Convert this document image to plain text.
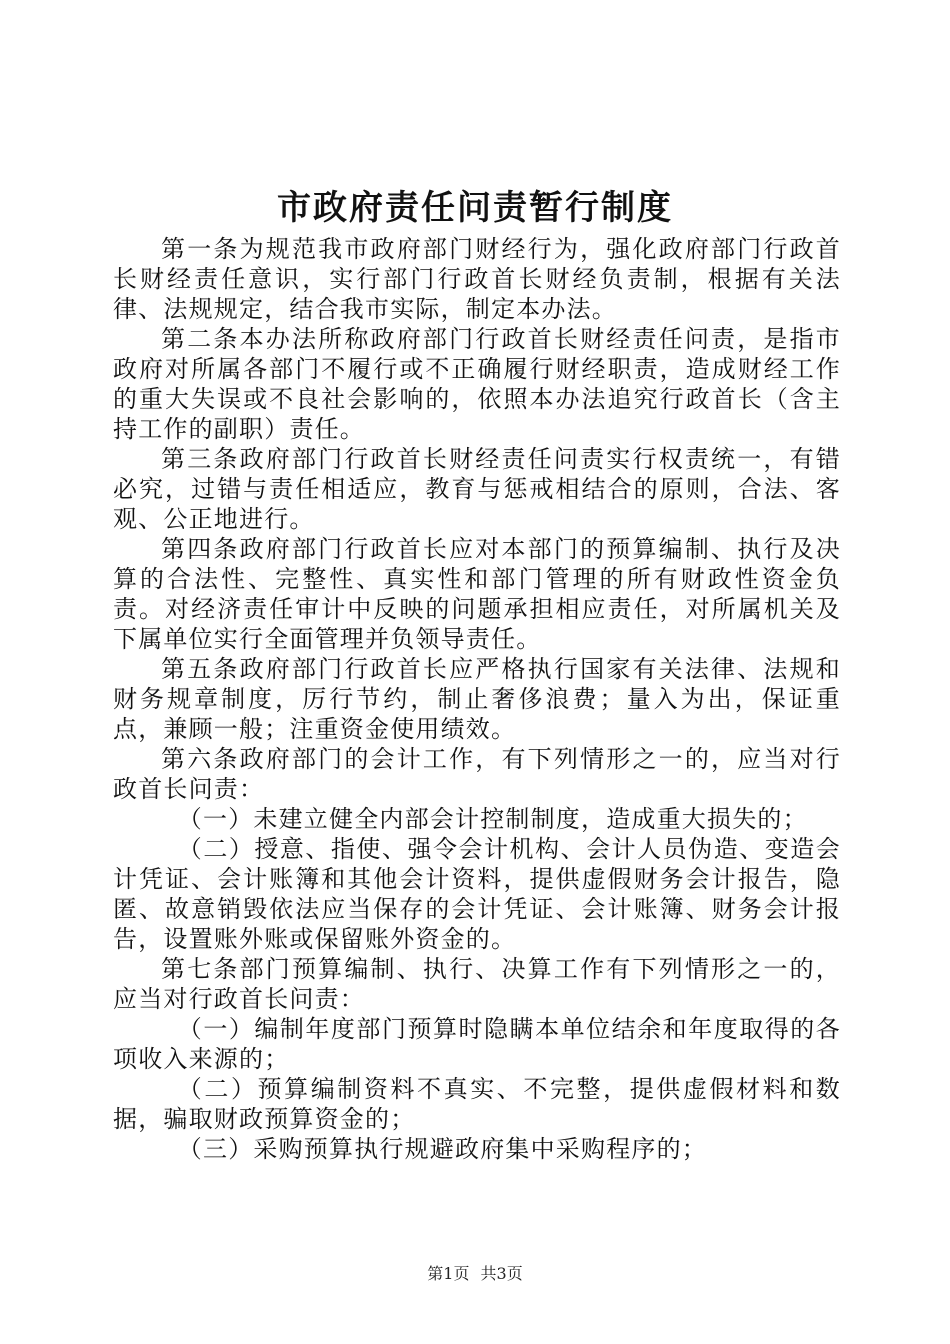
市政府责任问责暂行制度

第一条为规范我市政府部门财经行为，强化政府部门行政首长财经责任意识，实行部门行政首长财经负责制，根据有关法律、法规规定，结合我市实际，制定本办法。

第二条本办法所称政府部门行政首长财经责任问责，是指市政府对所属各部门不履行或不正确履行财经职责，造成财经工作的重大失误或不良社会影响的，依照本办法追究行政首长（含主持工作的副职）责任。

第三条政府部门行政首长财经责任问责实行权责统一，有错必究，过错与责任相适应，教育与惩戒相结合的原则，合法、客观、公正地进行。

第四条政府部门行政首长应对本部门的预算编制、执行及决算的合法性、完整性、真实性和部门管理的所有财政性资金负责。对经济责任审计中反映的问题承担相应责任，对所属机关及下属单位实行全面管理并负领导责任。

第五条政府部门行政首长应严格执行国家有关法律、法规和财务规章制度，厉行节约，制止奢侈浪费；量入为出，保证重点，兼顾一般；注重资金使用绩效。

第六条政府部门的会计工作，有下列情形之一的，应当对行政首长问责：

（一）未建立健全内部会计控制制度，造成重大损失的；

（二）授意、指使、强令会计机构、会计人员伪造、变造会计凭证、会计账簿和其他会计资料，提供虚假财务会计报告，隐匿、故意销毁依法应当保存的会计凭证、会计账簿、财务会计报告，设置账外账或保留账外资金的。

第七条部门预算编制、执行、决算工作有下列情形之一的，应当对行政首长问责：

（一）编制年度部门预算时隐瞒本单位结余和年度取得的各项收入来源的；

（二）预算编制资料不真实、不完整，提供虚假材料和数据，骗取财政预算资金的；

（三）采购预算执行规避政府集中采购程序的；

第1页 共3页
